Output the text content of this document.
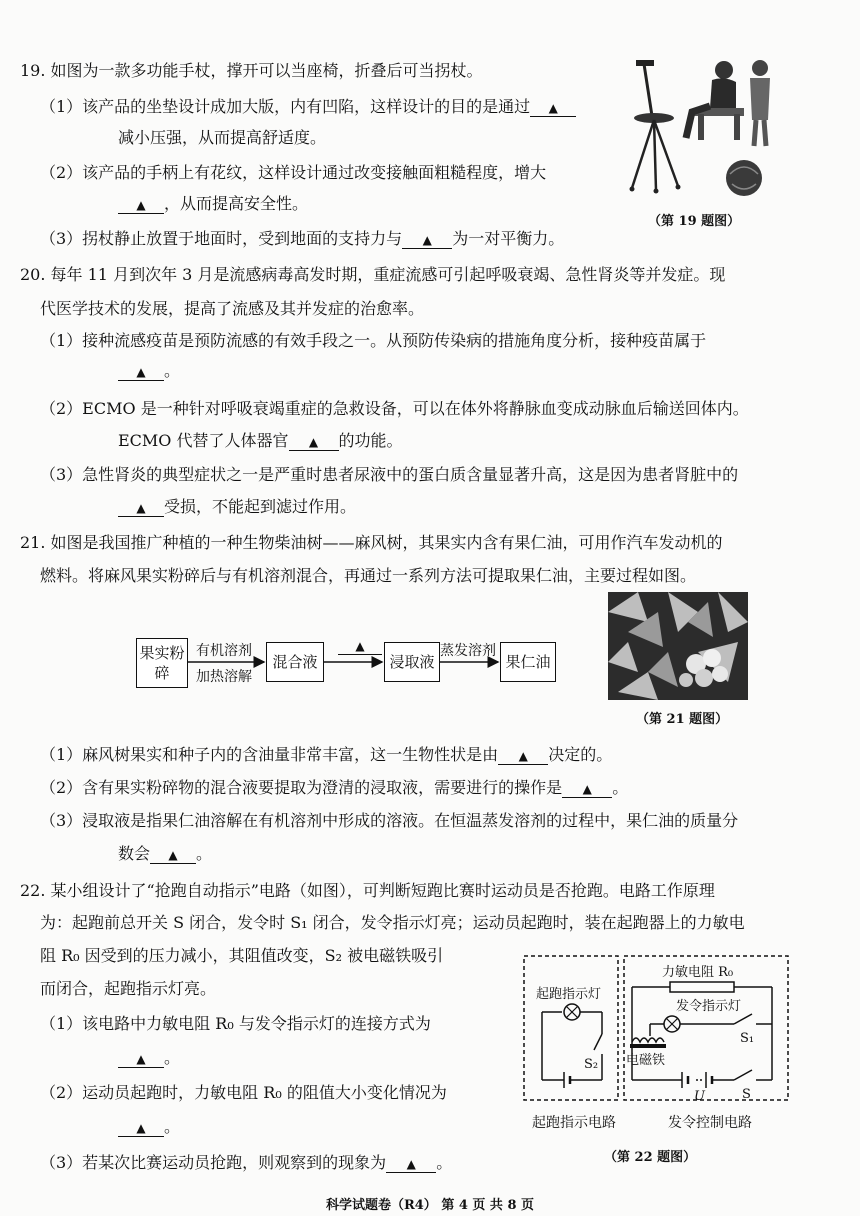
19. 如图为一款多功能手杖，撑开可以当座椅，折叠后可当拐杖。
（1）该产品的坐垫设计成加大版，内有凹陷，这样设计的目的是通过 ▲
减小压强，从而提高舒适度。
（2）该产品的手柄上有花纹，这样设计通过改变接触面粗糙程度，增大
▲ ，从而提高安全性。
（3）拐杖静止放置于地面时，受到地面的支持力与 ▲ 为一对平衡力。
（第 19 题图）
20. 每年 11 月到次年 3 月是流感病毒高发时期，重症流感可引起呼吸衰竭、急性肾炎等并发症。现
代医学技术的发展，提高了流感及其并发症的治愈率。
（1）接种流感疫苗是预防流感的有效手段之一。从预防传染病的措施角度分析，接种疫苗属于
▲ 。
（2）ECMO 是一种针对呼吸衰竭重症的急救设备，可以在体外将静脉血变成动脉血后输送回体内。
ECMO 代替了人体器官 ▲ 的功能。
（3）急性肾炎的典型症状之一是严重时患者尿液中的蛋白质含量显著升高，这是因为患者肾脏中的
▲ 受损，不能起到滤过作用。
21. 如图是我国推广种植的一种生物柴油树——麻风树，其果实内含有果仁油，可用作汽车发动机的
燃料。将麻风果实粉碎后与有机溶剂混合，再通过一系列方法可提取果仁油，主要过程如图。
果实粉碎
有机溶剂
加热溶解
混合液
▲
浸取液
蒸发溶剂
果仁油
（第 21 题图）
（1）麻风树果实和种子内的含油量非常丰富，这一生物性状是由 ▲ 决定的。
（2）含有果实粉碎物的混合液要提取为澄清的浸取液，需要进行的操作是 ▲ 。
（3）浸取液是指果仁油溶解在有机溶剂中形成的溶液。在恒温蒸发溶剂的过程中，果仁油的质量分
数会 ▲ 。
22. 某小组设计了“抢跑自动指示”电路（如图），可判断短跑比赛时运动员是否抢跑。电路工作原理
为：起跑前总开关 S 闭合，发令时 S₁ 闭合，发令指示灯亮；运动员起跑时，装在起跑器上的力敏电
阻 R₀ 因受到的压力减小，其阻值改变，S₂ 被电磁铁吸引
而闭合，起跑指示灯亮。
（1）该电路中力敏电阻 R₀ 与发令指示灯的连接方式为
▲ 。
（2）运动员起跑时，力敏电阻 R₀ 的阻值大小变化情况为
▲ 。
（3）若某次比赛运动员抢跑，则观察到的现象为 ▲ 。
起跑指示灯
S₂
力敏电阻 R₀
发令指示灯
S₁
电磁铁
U	S
起跑指示电路	发令控制电路
（第 22 题图）
科学试题卷（R4） 第 4 页 共 8 页
